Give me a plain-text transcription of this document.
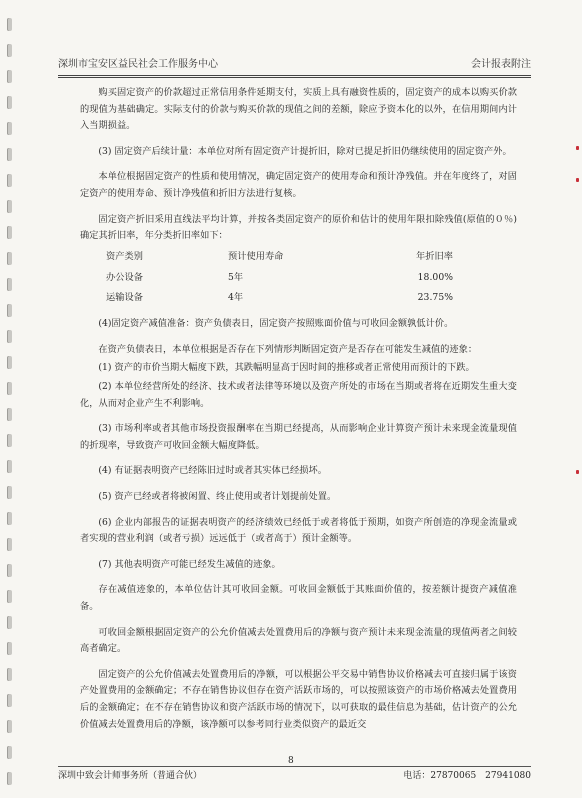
深圳市宝安区益民社会工作服务中心	会计报表附注

购买固定资产的价款超过正常信用条件延期支付，实质上具有融资性质的，固定资产的成本以购买价款的现值为基础确定。实际支付的价款与购买价款的现值之间的差额，除应予资本化的以外，在信用期间内计入当期损益。

(3) 固定资产后续计量：本单位对所有固定资产计提折旧，除对已提足折旧仍继续使用的固定资产外。

本单位根据固定资产的性质和使用情况，确定固定资产的使用寿命和预计净残值。并在年度终了，对固定资产的使用寿命、预计净残值和折旧方法进行复核。

固定资产折旧采用直线法平均计算，并按各类固定资产的原价和估计的使用年限扣除残值(原值的０％)确定其折旧率，年分类折旧率如下：

资产类别	预计使用寿命	年折旧率
办公设备	5年	18.00%
运输设备	4年	23.75%

(4)固定资产减值准备：资产负债表日，固定资产按照账面价值与可收回金额孰低计价。

在资产负债表日，本单位根据是否存在下列情形判断固定资产是否存在可能发生减值的迹象：

(1) 资产的市价当期大幅度下跌，其跌幅明显高于因时间的推移或者正常使用而预计的下跌。

(2) 本单位经营所处的经济、技术或者法律等环境以及资产所处的市场在当期或者将在近期发生重大变化，从而对企业产生不利影响。

(3) 市场利率或者其他市场投资报酬率在当期已经提高，从而影响企业计算资产预计未来现金流量现值的折现率，导致资产可收回金额大幅度降低。

(4) 有证据表明资产已经陈旧过时或者其实体已经损坏。

(5) 资产已经或者将被闲置、终止使用或者计划提前处置。

(6) 企业内部报告的证据表明资产的经济绩效已经低于或者将低于预期，如资产所创造的净现金流量或者实现的营业利润（或者亏损）远远低于（或者高于）预计金额等。

(7) 其他表明资产可能已经发生减值的迹象。

存在减值迹象的，本单位估计其可收回金额。可收回金额低于其账面价值的，按差额计提资产减值准备。

可收回金额根据固定资产的公允价值减去处置费用后的净额与资产预计未来现金流量的现值两者之间较高者确定。

固定资产的公允价值减去处置费用后的净额，可以根据公平交易中销售协议价格减去可直接归属于该资产处置费用的金额确定；不存在销售协议但存在资产活跃市场的，可以按照该资产的市场价格减去处置费用后的金额确定；在不存在销售协议和资产活跃市场的情况下，以可获取的最佳信息为基础，估计资产的公允价值减去处置费用后的净额，该净额可以参考同行业类似资产的最近交

8
深圳中致会计师事务所（普通合伙）	电话：27870065　27941080
